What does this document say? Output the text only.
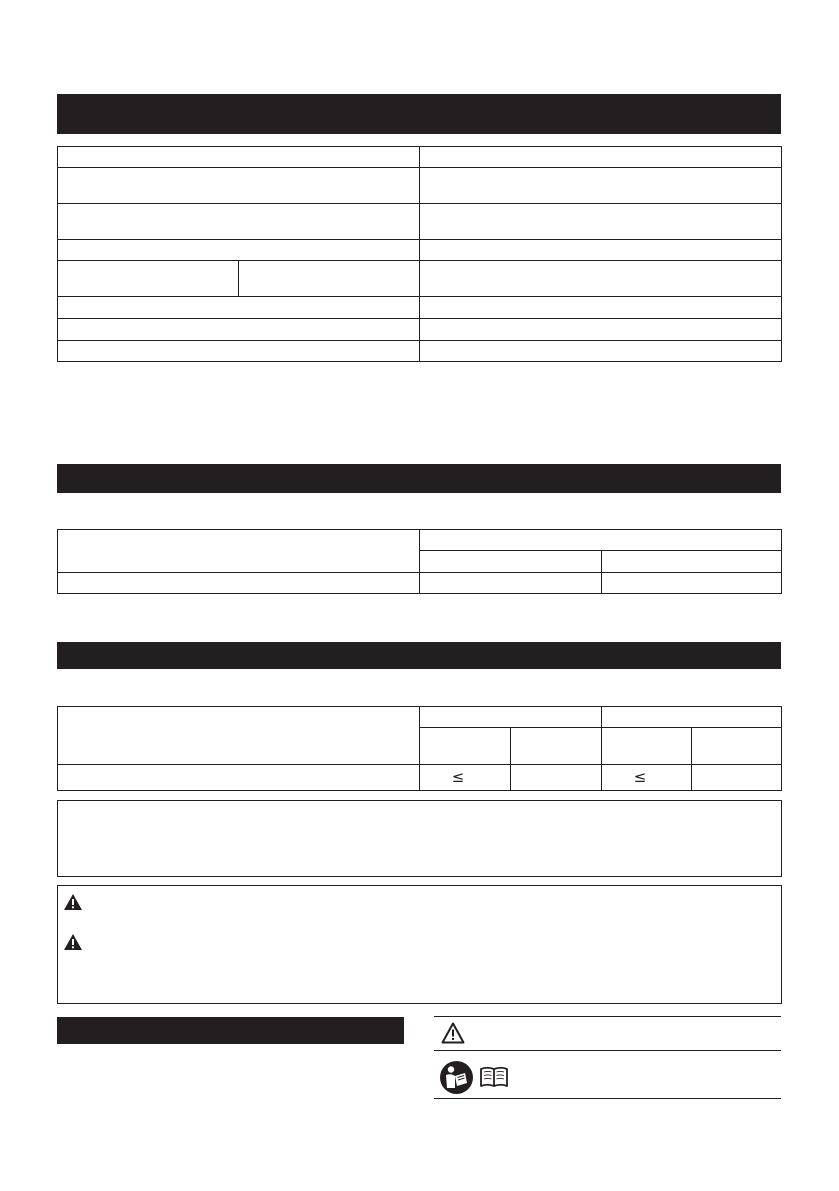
≤	≤
